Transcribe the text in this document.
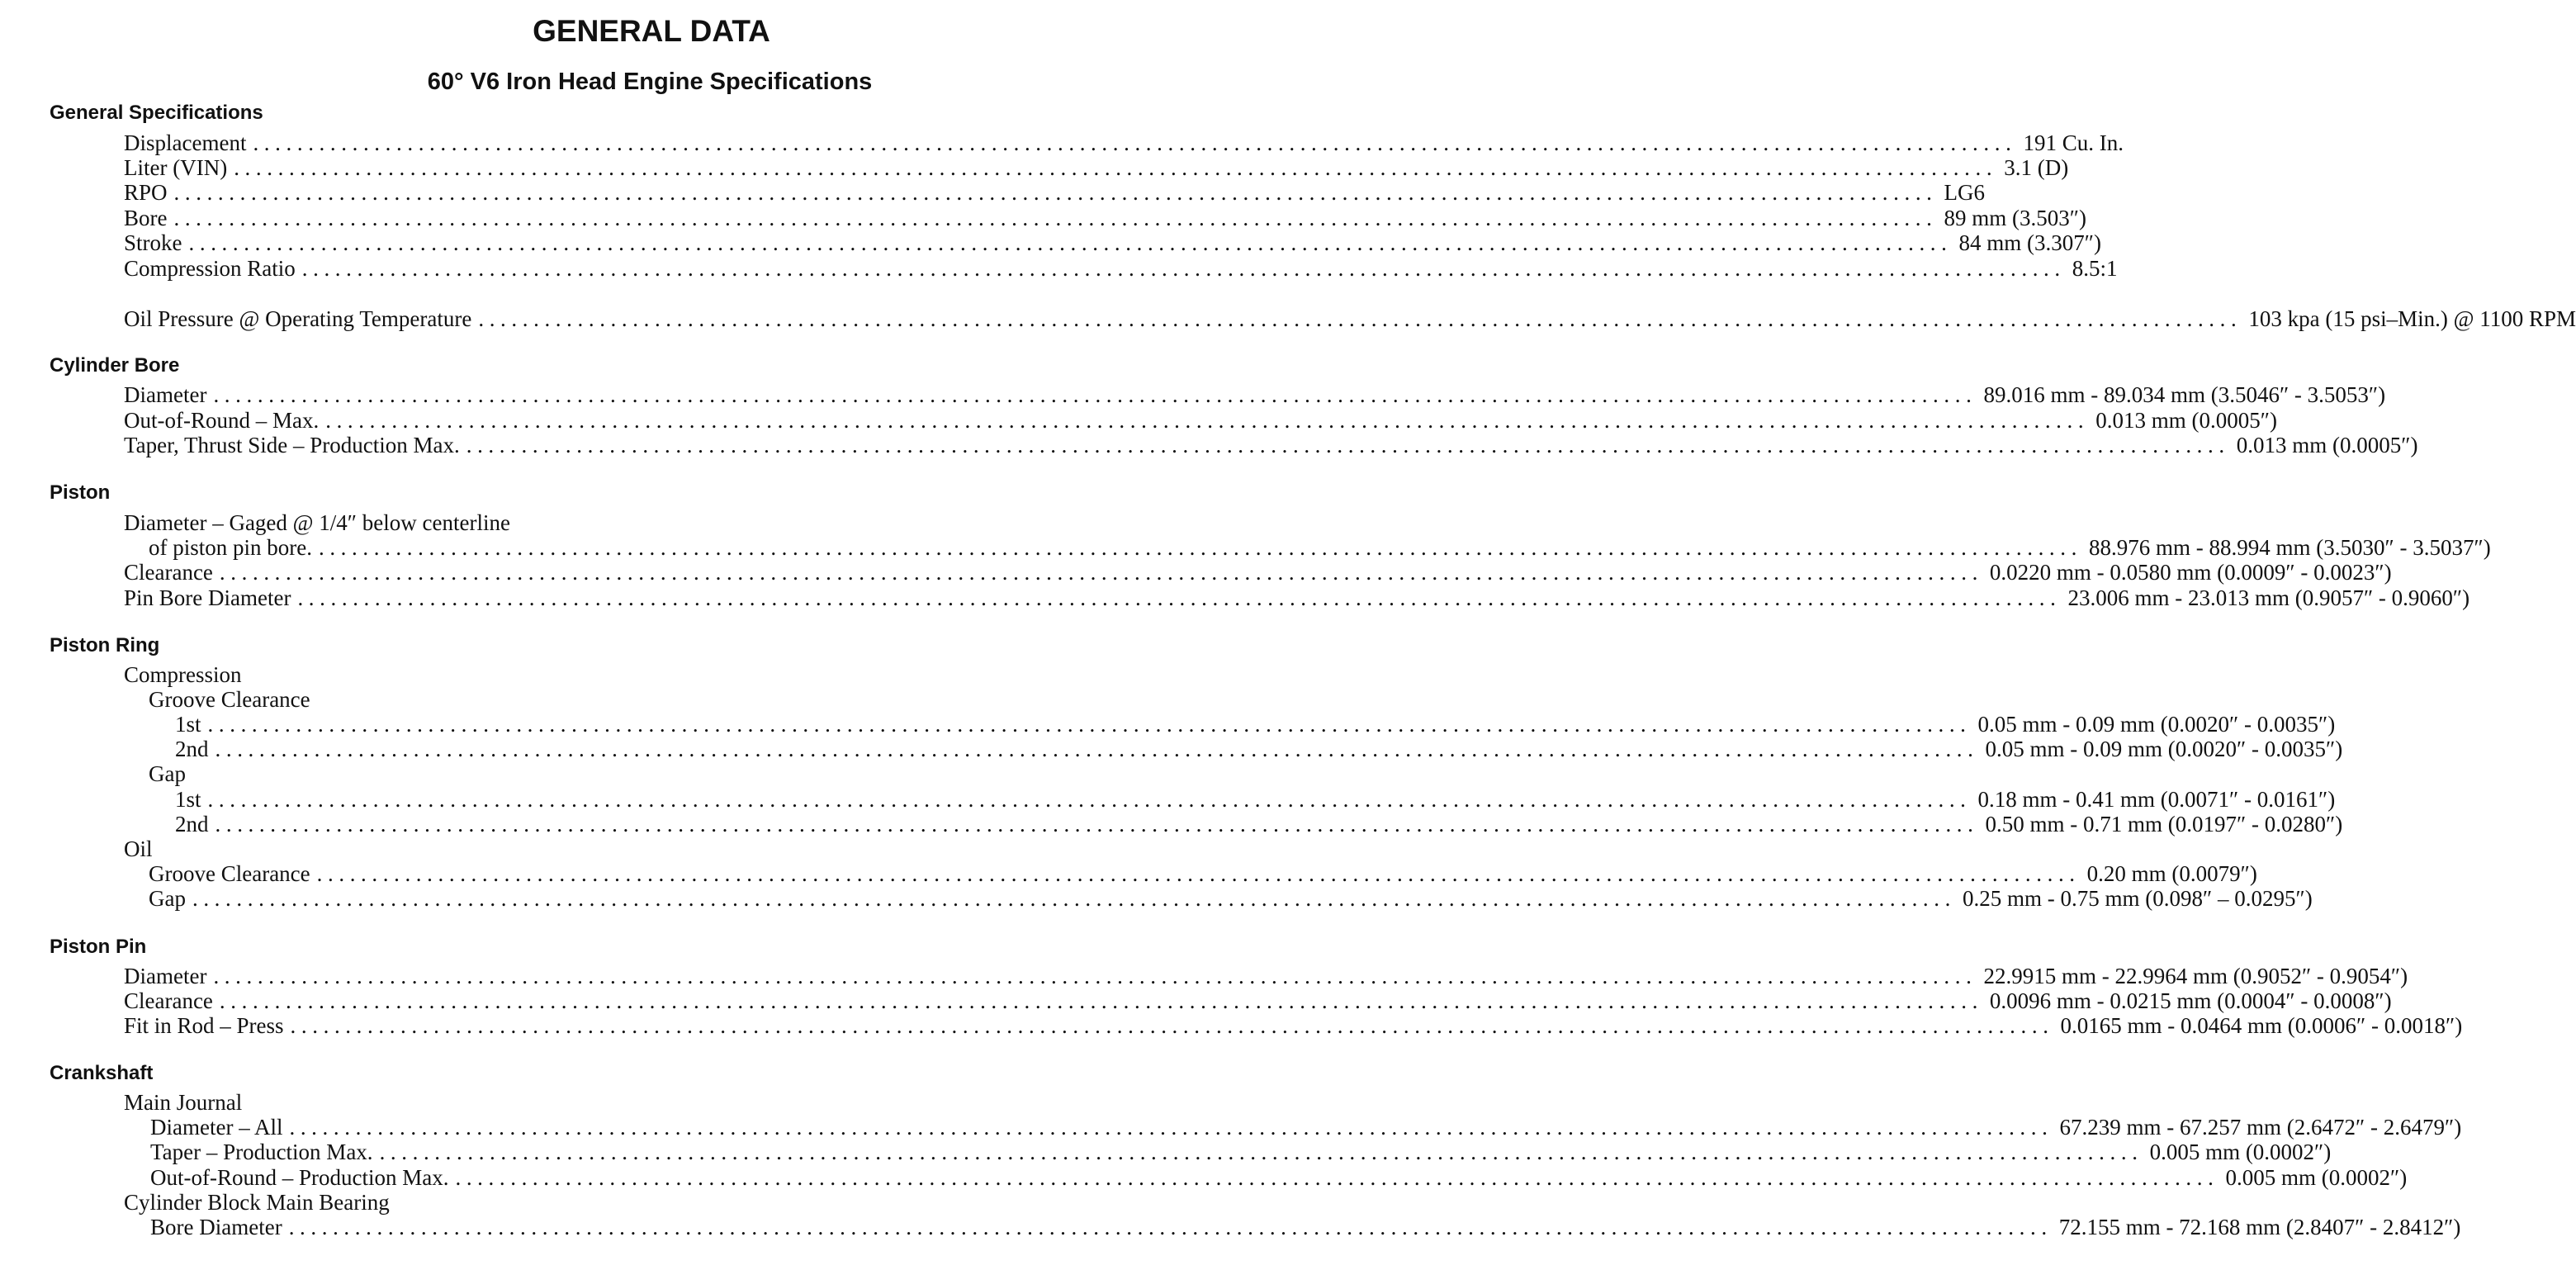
GENERAL DATA
60° V6 Iron Head Engine Specifications
General Specifications
Displacement ................................................................................................................................................................ 191 Cu. In.
Liter (VIN) ................................................................................................................................................................ 3.1 (D)
RPO ................................................................................................................................................................ LG6
Bore ................................................................................................................................................................ 89 mm (3.503″)
Stroke ................................................................................................................................................................ 84 mm (3.307″)
Compression Ratio ................................................................................................................................................................ 8.5:1
Oil Pressure @ Operating Temperature ................................................................................................................................................................ 103 kpa (15 psi–Min.) @ 1100 RPM
Cylinder Bore
Diameter ................................................................................................................................................................ 89.016 mm - 89.034 mm (3.5046″ - 3.5053″)
Out-of-Round – Max. ................................................................................................................................................................ 0.013 mm (0.0005″)
Taper, Thrust Side – Production Max. ................................................................................................................................................................ 0.013 mm (0.0005″)
Piston
Diameter – Gaged @ 1/4″ below centerline
of piston pin bore. ................................................................................................................................................................ 88.976 mm - 88.994 mm (3.5030″ - 3.5037″)
Clearance ................................................................................................................................................................ 0.0220 mm - 0.0580 mm (0.0009″ - 0.0023″)
Pin Bore Diameter ................................................................................................................................................................ 23.006 mm - 23.013 mm (0.9057″ - 0.9060″)
Piston Ring
Compression
Groove Clearance
1st ................................................................................................................................................................ 0.05 mm - 0.09 mm (0.0020″ - 0.0035″)
2nd ................................................................................................................................................................ 0.05 mm - 0.09 mm (0.0020″ - 0.0035″)
Gap
1st ................................................................................................................................................................ 0.18 mm - 0.41 mm (0.0071″ - 0.0161″)
2nd ................................................................................................................................................................ 0.50 mm - 0.71 mm (0.0197″ - 0.0280″)
Oil
Groove Clearance ................................................................................................................................................................ 0.20 mm (0.0079″)
Gap ................................................................................................................................................................ 0.25 mm - 0.75 mm (0.098″ – 0.0295″)
Piston Pin
Diameter ................................................................................................................................................................ 22.9915 mm - 22.9964 mm (0.9052″ - 0.9054″)
Clearance ................................................................................................................................................................ 0.0096 mm - 0.0215 mm (0.0004″ - 0.0008″)
Fit in Rod – Press ................................................................................................................................................................ 0.0165 mm - 0.0464 mm (0.0006″ - 0.0018″)
Crankshaft
Main Journal
Diameter – All ................................................................................................................................................................ 67.239 mm - 67.257 mm (2.6472″ - 2.6479″)
Taper – Production Max. ................................................................................................................................................................ 0.005 mm (0.0002″)
Out-of-Round – Production Max. ................................................................................................................................................................ 0.005 mm (0.0002″)
Cylinder Block Main Bearing
Bore Diameter ................................................................................................................................................................ 72.155 mm - 72.168 mm (2.8407″ - 2.8412″)
